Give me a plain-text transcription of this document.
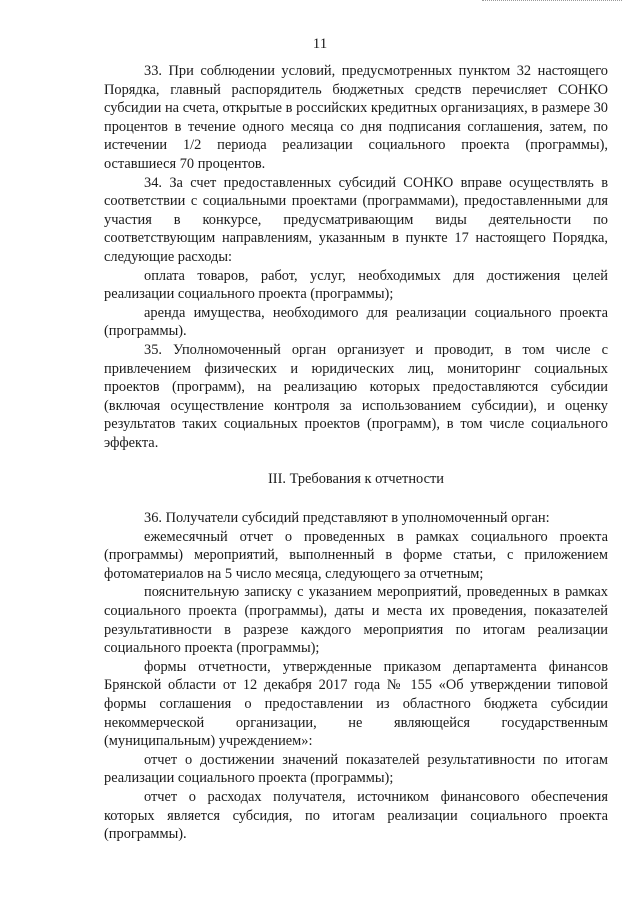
11

33. При соблюдении условий, предусмотренных пунктом 32 настоящего Порядка, главный распорядитель бюджетных средств перечисляет СОНКО субсидии на счета, открытые в российских кредитных организациях, в размере 30 процентов в течение одного месяца со дня подписания соглашения, затем, по истечении 1/2 периода реализации социального проекта (программы), оставшиеся 70 процентов.

34. За счет предоставленных субсидий СОНКО вправе осуществлять в соответствии с социальными проектами (программами), предоставленными для участия в конкурсе, предусматривающим виды деятельности по соответствующим направлениям, указанным в пункте 17 настоящего Порядка, следующие расходы:

оплата товаров, работ, услуг, необходимых для достижения целей реализации социального проекта (программы);

аренда имущества, необходимого для реализации социального проекта (программы).

35. Уполномоченный орган организует и проводит, в том числе с привлечением физических и юридических лиц, мониторинг социальных проектов (программ), на реализацию которых предоставляются субсидии (включая осуществление контроля за использованием субсидии), и оценку результатов таких социальных проектов (программ), в том числе социального эффекта.

III. Требования к отчетности

36. Получатели субсидий представляют в уполномоченный орган:

ежемесячный отчет о проведенных в рамках социального проекта (программы) мероприятий, выполненный в форме статьи, с приложением фотоматериалов на 5 число месяца, следующего за отчетным;

пояснительную записку с указанием мероприятий, проведенных в рамках социального проекта (программы), даты и места их проведения, показателей результативности в разрезе каждого мероприятия по итогам реализации социального проекта (программы);

формы отчетности, утвержденные приказом департамента финансов Брянской области от 12 декабря 2017 года № 155 «Об утверждении типовой формы соглашения о предоставлении из областного бюджета субсидии некоммерческой организации, не являющейся государственным (муниципальным) учреждением»:

отчет о достижении значений показателей результативности по итогам реализации социального проекта (программы);

отчет о расходах получателя, источником финансового обеспечения которых является субсидия, по итогам реализации социального проекта (программы).
